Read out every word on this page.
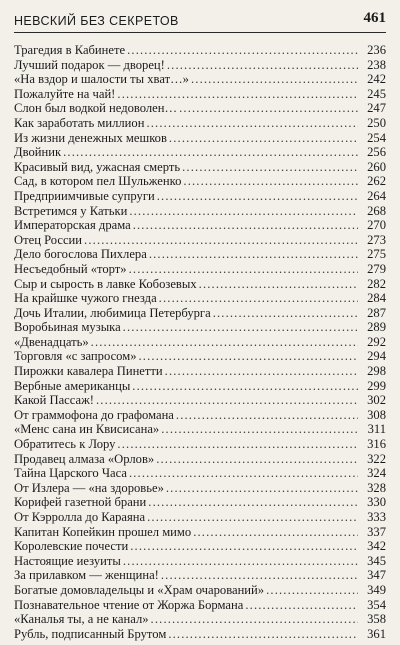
НЕВСКИЙ БЕЗ СЕКРЕТОВ	461
Трагедия в Кабинете . . .	236
Лучший подарок — дворец! . . .	238
«На вздор и шалости ты хват…» . . .	242
Пожалуйте на чай! . . .	245
Слон был водкой недоволен… . . .	247
Как заработать миллион . . .	250
Из жизни денежных мешков . . .	254
Двойник . . .	256
Красивый вид, ужасная смерть . . .	260
Сад, в котором пел Шульженко . . .	262
Предприимчивые супруги . . .	264
Встретимся у Катьки . . .	268
Императорская драма . . .	270
Отец России . . .	273
Дело богослова Пихлера . . .	275
Несъедобный «торт» . . .	279
Сыр и сырость в лавке Кобозевых . . .	282
На крайшке чужого гнезда . . .	284
Дочь Италии, любимица Петербурга . . .	287
Воробьиная музыка . . .	289
«Двенадцать» . . .	292
Торговля «с запросом» . . .	294
Пирожки кавалера Пинетти . . .	298
Вербные американцы . . .	299
Какой Пассаж! . . .	302
От граммофона до графомана . . .	308
«Менс сана ин Квисисана» . . .	311
Обратитесь к Лору . . .	316
Продавец алмаза «Орлов» . . .	322
Тайна Царского Часа . . .	324
От Излера — «на здоровье» . . .	328
Корифей газетной брани . . .	330
От Кэрролла до Караяна . . .	333
Капитан Копейкин прошел мимо . . .	337
Королевские почести . . .	342
Настоящие иезуиты . . .	345
За прилавком — женщина! . . .	347
Богатые домовладельцы и «Храм очарований» . . .	349
Познавательное чтение от Жоржа Бормана . . .	354
«Каналья ты, а не канал» . . .	358
Рубль, подписанный Брутом . . .	361
